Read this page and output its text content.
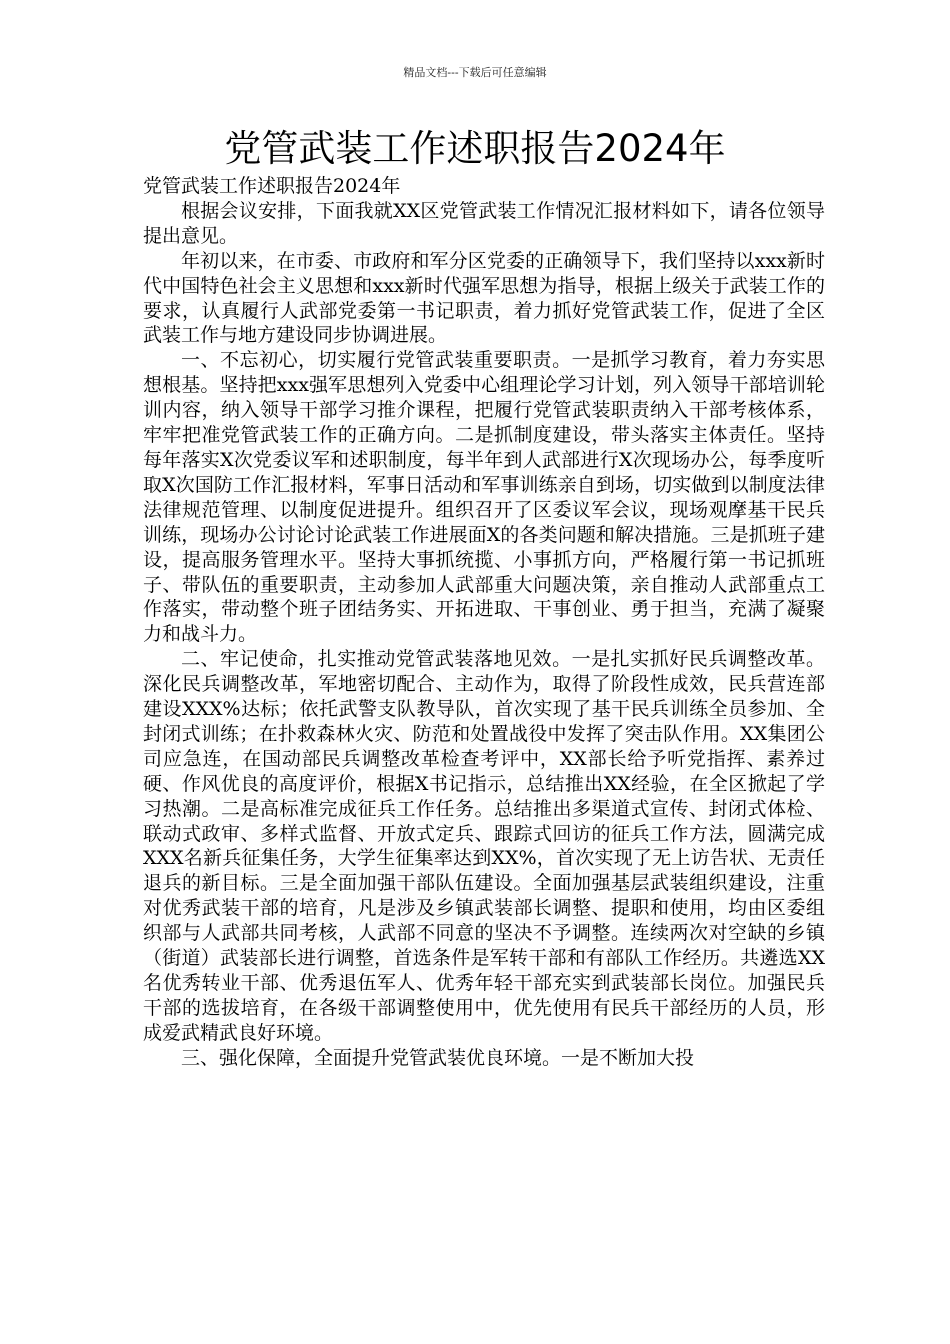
精品文档---下载后可任意编辑
党管武装工作述职报告2024年

党管武装工作述职报告2024年

根据会议安排，下面我就XX区党管武装工作情况汇报材料如下，请各位领导提出意见。

年初以来，在市委、市政府和军分区党委的正确领导下，我们坚持以xxx新时代中国特色社会主义思想和xxx新时代强军思想为指导，根据上级关于武装工作的要求，认真履行人武部党委第一书记职责，着力抓好党管武装工作，促进了全区武装工作与地方建设同步协调进展。

一、不忘初心，切实履行党管武装重要职责。一是抓学习教育，着力夯实思想根基。坚持把xxx强军思想列入党委中心组理论学习计划，列入领导干部培训轮训内容，纳入领导干部学习推介课程，把履行党管武装职责纳入干部考核体系，牢牢把准党管武装工作的正确方向。二是抓制度建设，带头落实主体责任。坚持每年落实X次党委议军和述职制度，每半年到人武部进行X次现场办公，每季度听取X次国防工作汇报材料，军事日活动和军事训练亲自到场，切实做到以制度法律法律规范管理、以制度促进提升。组织召开了区委议军会议，现场观摩基干民兵训练，现场办公讨论讨论武装工作进展面X的各类问题和解决措施。三是抓班子建设，提高服务管理水平。坚持大事抓统揽、小事抓方向，严格履行第一书记抓班子、带队伍的重要职责，主动参加人武部重大问题决策，亲自推动人武部重点工作落实，带动整个班子团结务实、开拓进取、干事创业、勇于担当，充满了凝聚力和战斗力。

二、牢记使命，扎实推动党管武装落地见效。一是扎实抓好民兵调整改革。深化民兵调整改革，军地密切配合、主动作为，取得了阶段性成效，民兵营连部建设XXX%达标；依托武警支队教导队，首次实现了基干民兵训练全员参加、全封闭式训练；在扑救森林火灾、防范和处置战役中发挥了突击队作用。XX集团公司应急连，在国动部民兵调整改革检查考评中，XX部长给予听党指挥、素养过硬、作风优良的高度评价，根据X书记指示，总结推出XX经验，在全区掀起了学习热潮。二是高标准完成征兵工作任务。总结推出多渠道式宣传、封闭式体检、联动式政审、多样式监督、开放式定兵、跟踪式回访的征兵工作方法，圆满完成XXX名新兵征集任务，大学生征集率达到XX%，首次实现了无上访告状、无责任退兵的新目标。三是全面加强干部队伍建设。全面加强基层武装组织建设，注重对优秀武装干部的培育，凡是涉及乡镇武装部长调整、提职和使用，均由区委组织部与人武部共同考核，人武部不同意的坚决不予调整。连续两次对空缺的乡镇（街道）武装部长进行调整，首选条件是军转干部和有部队工作经历。共遴选XX名优秀转业干部、优秀退伍军人、优秀年轻干部充实到武装部长岗位。加强民兵干部的选拔培育，在各级干部调整使用中，优先使用有民兵干部经历的人员，形成爱武精武良好环境。

三、强化保障，全面提升党管武装优良环境。一是不断加大投
